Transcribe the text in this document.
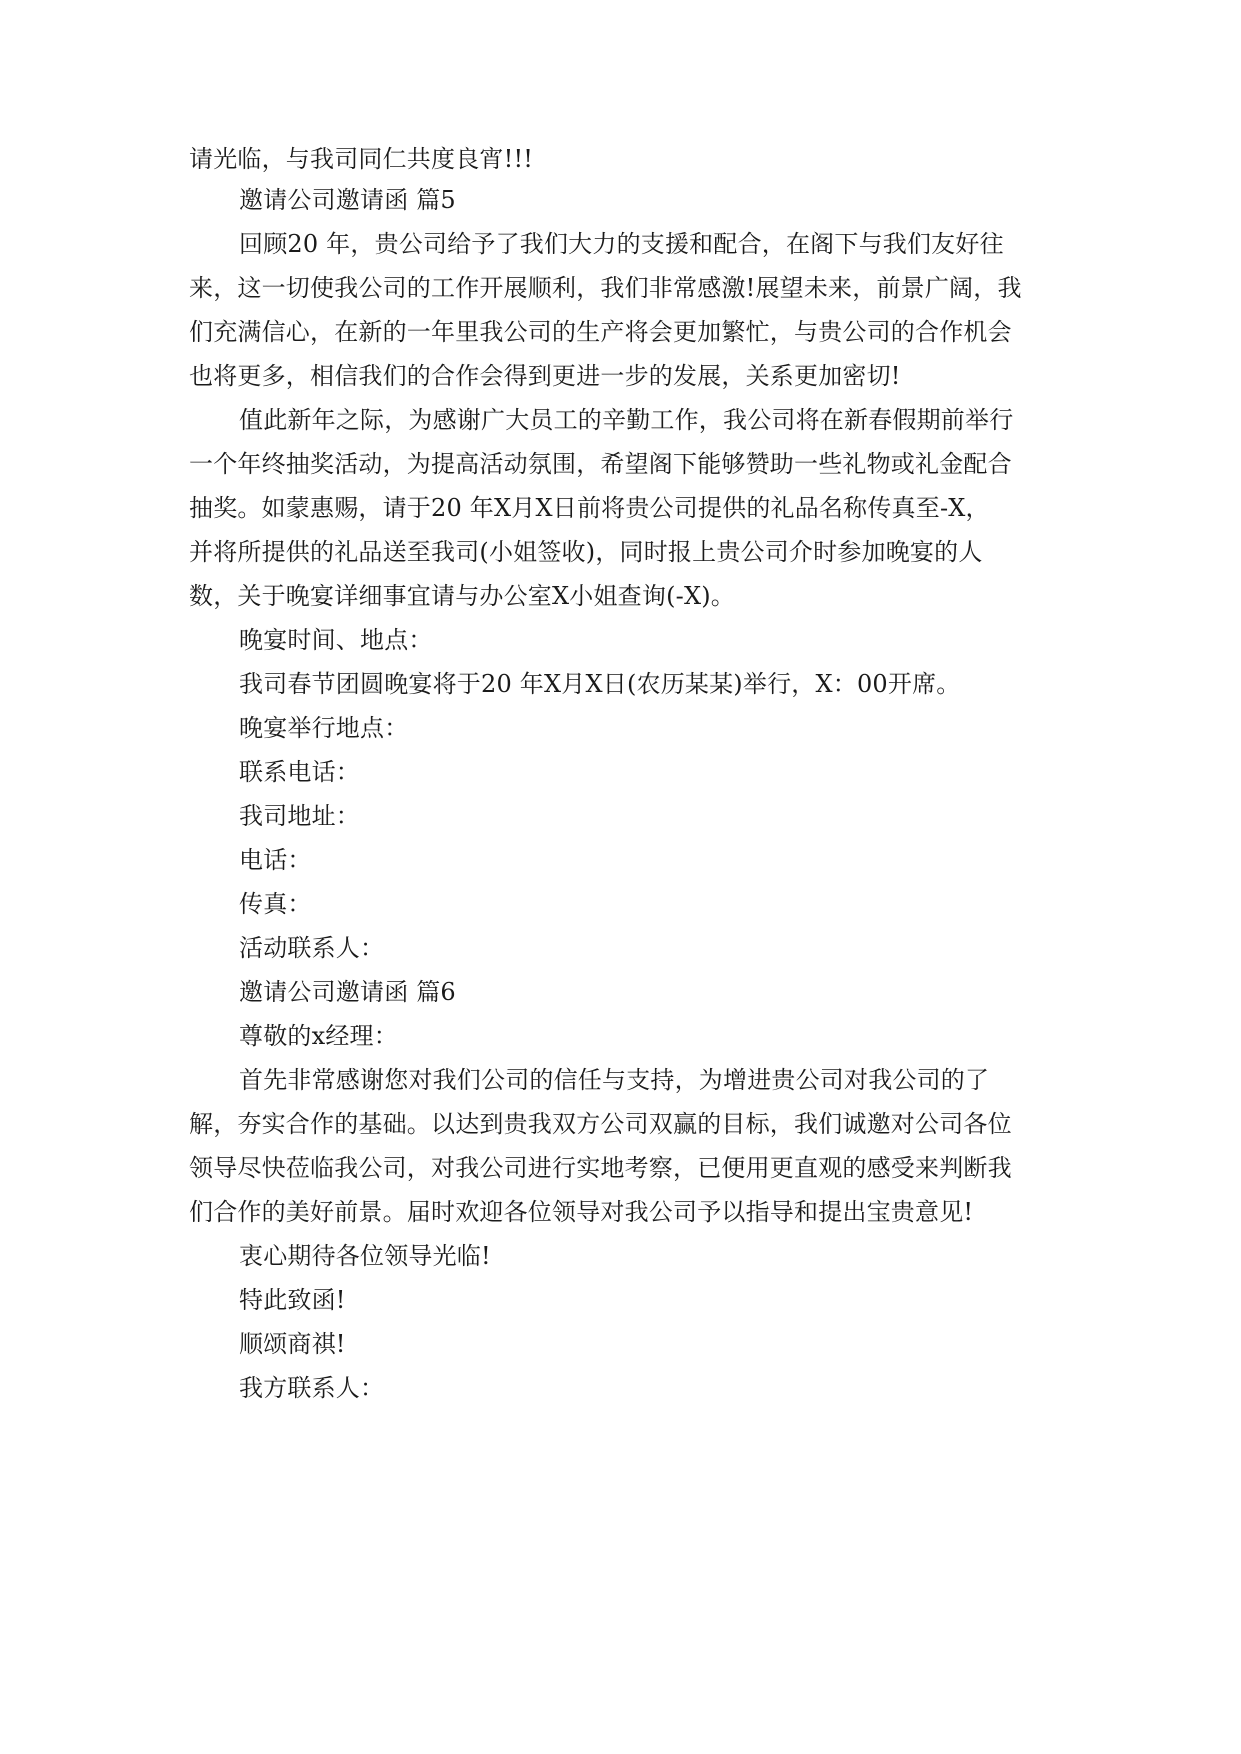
请光临，与我司同仁共度良宵!!!
邀请公司邀请函 篇5
回顾20 年，贵公司给予了我们大力的支援和配合，在阁下与我们友好往
来，这一切使我公司的工作开展顺利，我们非常感激!展望未来，前景广阔，我
们充满信心，在新的一年里我公司的生产将会更加繁忙，与贵公司的合作机会
也将更多，相信我们的合作会得到更进一步的发展，关系更加密切!
值此新年之际，为感谢广大员工的辛勤工作，我公司将在新春假期前举行
一个年终抽奖活动，为提高活动氛围，希望阁下能够赞助一些礼物或礼金配合
抽奖。如蒙惠赐，请于20 年X月X日前将贵公司提供的礼品名称传真至-X，
并将所提供的礼品送至我司(小姐签收)，同时报上贵公司介时参加晚宴的人
数，关于晚宴详细事宜请与办公室X小姐查询(-X)。
晚宴时间、地点：
我司春节团圆晚宴将于20 年X月X日(农历某某)举行，X：00开席。
晚宴举行地点：
联系电话：
我司地址：
电话：
传真：
活动联系人：
邀请公司邀请函 篇6
尊敬的x经理：
首先非常感谢您对我们公司的信任与支持，为增进贵公司对我公司的了
解，夯实合作的基础。以达到贵我双方公司双赢的目标，我们诚邀对公司各位
领导尽快莅临我公司，对我公司进行实地考察，已便用更直观的感受来判断我
们合作的美好前景。届时欢迎各位领导对我公司予以指导和提出宝贵意见!
衷心期待各位领导光临!
特此致函!
顺颂商祺!
我方联系人：
